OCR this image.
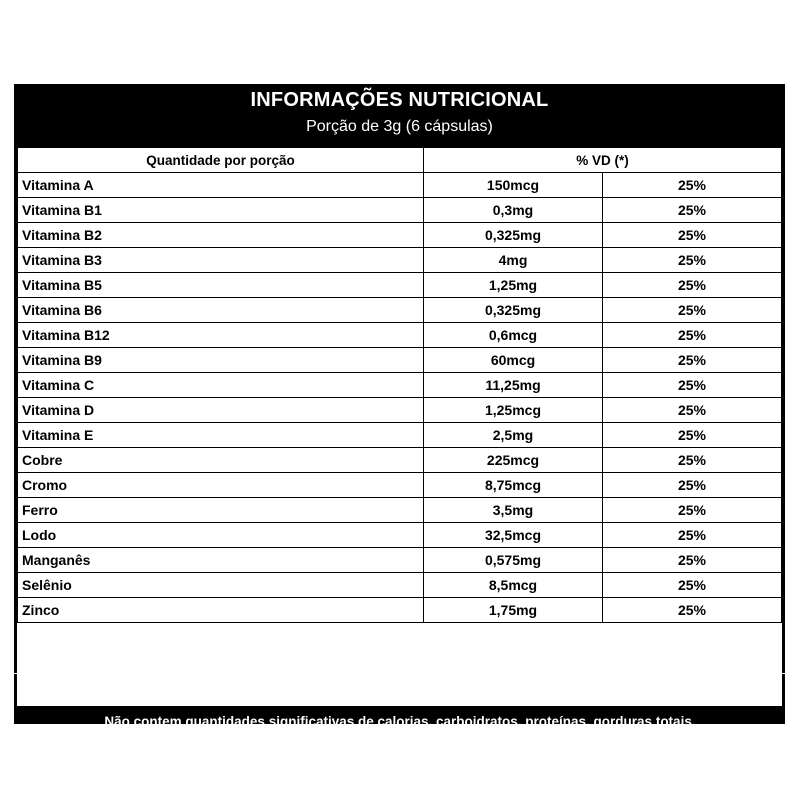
INFORMAÇÕES NUTRICIONAL
Porção de 3g (6 cápsulas)
Quantidade por porção	% VD (*)	
Vitamina A	150mcg	25%
Vitamina B1	0,3mg	25%
Vitamina B2	0,325mg	25%
Vitamina B3	4mg	25%
Vitamina B5	1,25mg	25%
Vitamina B6	0,325mg	25%
Vitamina B12	0,6mcg	25%
Vitamina B9	60mcg	25%
Vitamina C	11,25mg	25%
Vitamina D	1,25mcg	25%
Vitamina E	2,5mg	25%
Cobre	225mcg	25%
Cromo	8,75mcg	25%
Ferro	3,5mg	25%
Lodo	32,5mcg	25%
Manganês	0,575mg	25%
Selênio	8,5mcg	25%
Zinco	1,75mg	25%
Não contem quantidades significativas de calorias, carboidratos, proteínas, gorduras totais,
gorduras saturadas, gorduras trans, fibra alimentar e sódio
( * ) % Valores Diários de Refrência com base em uma dieta de 2000Kcal ou 8400KJ.
Seus valores Diários podem ser maiores ou menores dependendo de suas necessidades energéticas.
